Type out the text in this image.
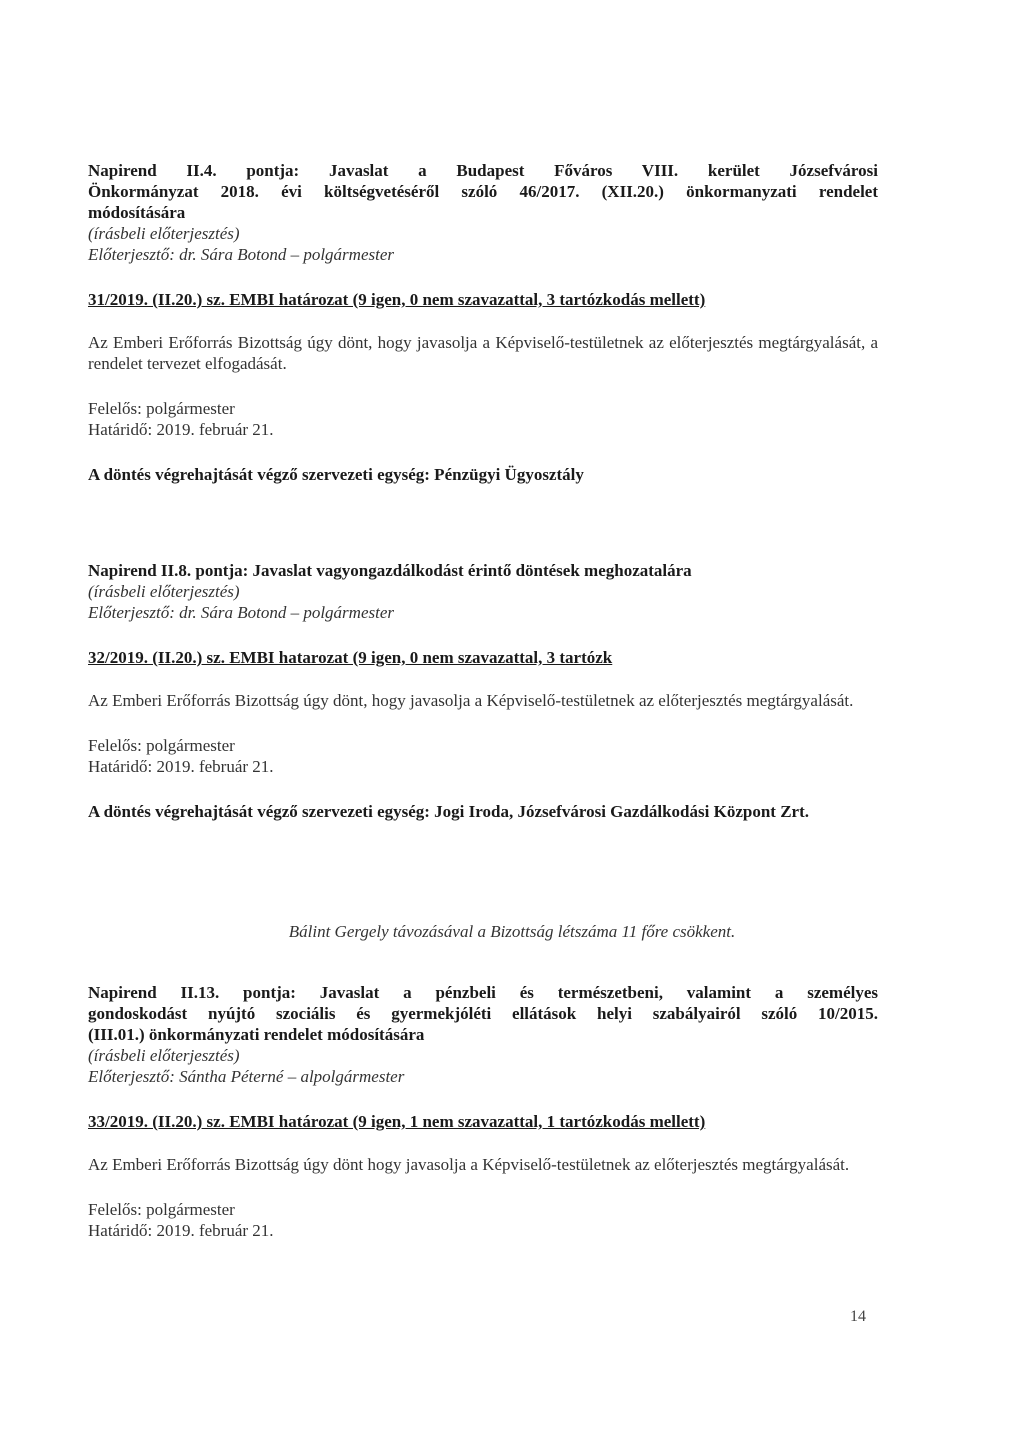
Napirend II.4. pontja: Javaslat a Budapest Főváros VIII. kerület Józsefvárosi

Önkormányzat 2018. évi költségvetéséről szóló 46/2017. (XII.20.) önkormanyzati rendelet

módosítására

(írásbeli előterjesztés)

Előterjesztő: dr. Sára Botond – polgármester

31/2019. (II.20.) sz. EMBI határozat (9 igen, 0 nem szavazattal, 3 tartózkodás mellett)

Az Emberi Erőforrás Bizottság úgy dönt, hogy javasolja a Képviselő-testületnek az előterjesztés megtárgyalását, a rendelet tervezet elfogadását.

Felelős: polgármester

Határidő: 2019. február 21.

A döntés végrehajtását végző szervezeti egység: Pénzügyi Ügyosztály

Napirend II.8. pontja: Javaslat vagyongazdálkodást érintő döntések meghozatalára

(írásbeli előterjesztés)

Előterjesztő: dr. Sára Botond – polgármester

32/2019. (II.20.) sz. EMBI hatarozat (9 igen, 0 nem szavazattal, 3 tartózk

Az Emberi Erőforrás Bizottság úgy dönt, hogy javasolja a Képviselő-testületnek az előterjesztés megtárgyalását.

Felelős: polgármester

Határidő: 2019. február 21.

A döntés végrehajtását végző szervezeti egység: Jogi Iroda, Józsefvárosi Gazdálkodási Központ Zrt.

Bálint Gergely távozásával a Bizottság létszáma 11 főre csökkent.

Napirend II.13. pontja: Javaslat a pénzbeli és természetbeni, valamint a személyes

gondoskodást nyújtó szociális és gyermekjóléti ellátások helyi szabályairól szóló 10/2015.

(III.01.) önkormányzati rendelet módosítására

(írásbeli előterjesztés)

Előterjesztő: Sántha Péterné – alpolgármester

33/2019. (II.20.) sz. EMBI határozat (9 igen, 1 nem szavazattal, 1 tartózkodás mellett)

Az Emberi Erőforrás Bizottság úgy dönt hogy javasolja a Képviselő-testületnek az előterjesztés megtárgyalását.

Felelős: polgármester

Határidő: 2019. február 21.

14
